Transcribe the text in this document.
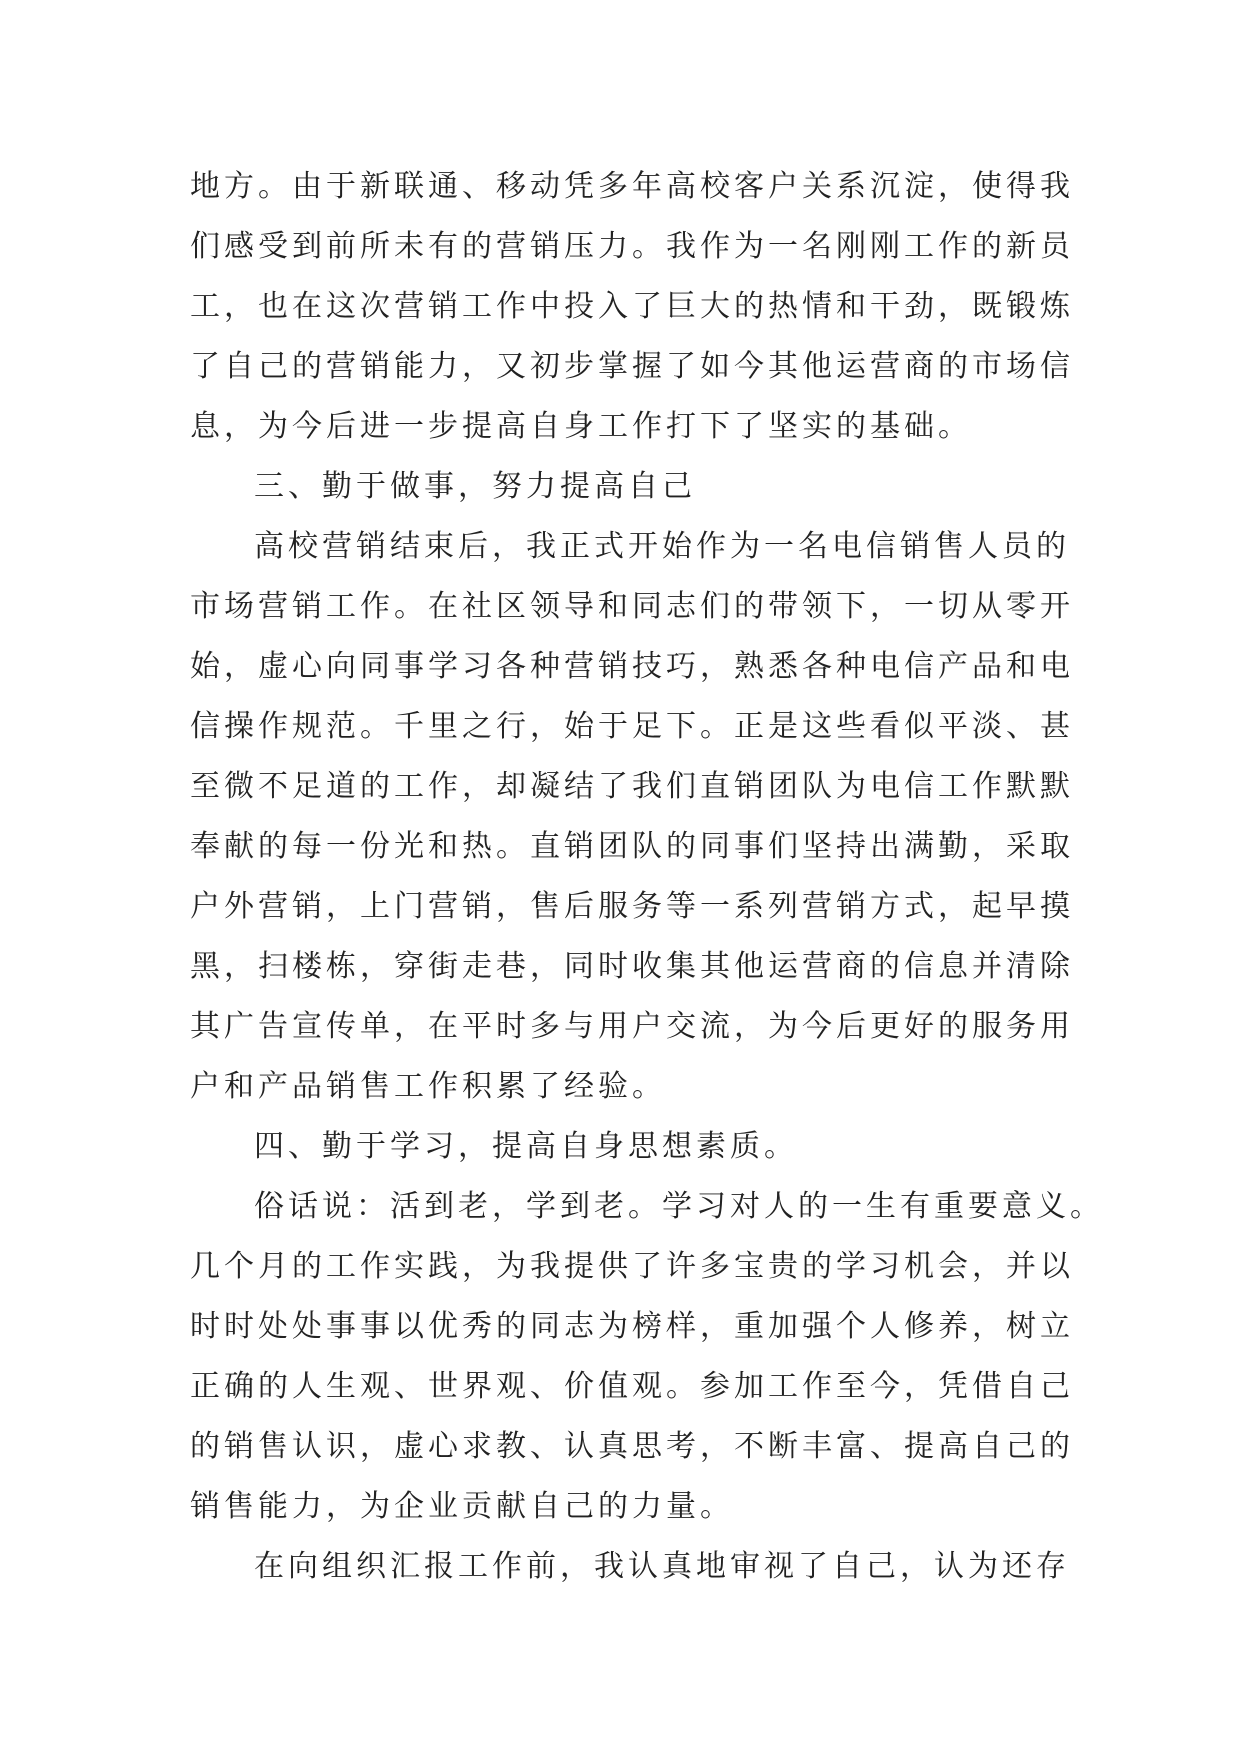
地方。由于新联通、移动凭多年高校客户关系沉淀，使得我
们感受到前所未有的营销压力。我作为一名刚刚工作的新员
工，也在这次营销工作中投入了巨大的热情和干劲，既锻炼
了自己的营销能力，又初步掌握了如今其他运营商的市场信
息，为今后进一步提高自身工作打下了坚实的基础。
三、勤于做事，努力提高自己
高校营销结束后，我正式开始作为一名电信销售人员的
市场营销工作。在社区领导和同志们的带领下，一切从零开
始，虚心向同事学习各种营销技巧，熟悉各种电信产品和电
信操作规范。千里之行，始于足下。正是这些看似平淡、甚
至微不足道的工作，却凝结了我们直销团队为电信工作默默
奉献的每一份光和热。直销团队的同事们坚持出满勤，采取
户外营销，上门营销，售后服务等一系列营销方式，起早摸
黑，扫楼栋，穿街走巷，同时收集其他运营商的信息并清除
其广告宣传单，在平时多与用户交流，为今后更好的服务用
户和产品销售工作积累了经验。
四、勤于学习，提高自身思想素质。
俗话说：活到老，学到老。学习对人的一生有重要意义。
几个月的工作实践，为我提供了许多宝贵的学习机会，并以
时时处处事事以优秀的同志为榜样，重加强个人修养，树立
正确的人生观、世界观、价值观。参加工作至今，凭借自己
的销售认识，虚心求教、认真思考，不断丰富、提高自己的
销售能力，为企业贡献自己的力量。
在向组织汇报工作前，我认真地审视了自己，认为还存
